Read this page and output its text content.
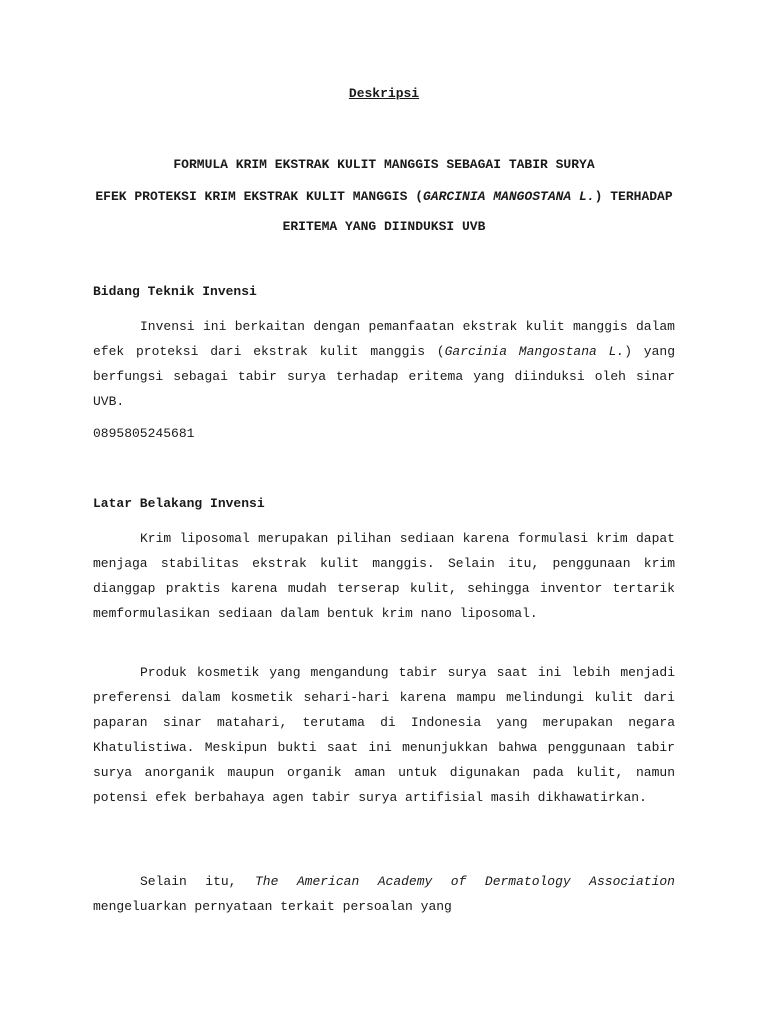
Deskripsi
FORMULA KRIM EKSTRAK KULIT MANGGIS SEBAGAI TABIR SURYA
EFEK PROTEKSI KRIM EKSTRAK KULIT MANGGIS (GARCINIA MANGOSTANA L.) TERHADAP ERITEMA YANG DIINDUKSI UVB
Bidang Teknik Invensi

Invensi ini berkaitan dengan pemanfaatan ekstrak kulit manggis dalam efek proteksi dari ekstrak kulit manggis (Garcinia Mangostana L.) yang berfungsi sebagai tabir surya terhadap eritema yang diinduksi oleh sinar UVB.

0895805245681
Latar Belakang Invensi

Krim liposomal merupakan pilihan sediaan karena formulasi krim dapat menjaga stabilitas ekstrak kulit manggis. Selain itu, penggunaan krim dianggap praktis karena mudah terserap kulit, sehingga inventor tertarik memformulasikan sediaan dalam bentuk krim nano liposomal.

Produk kosmetik yang mengandung tabir surya saat ini lebih menjadi preferensi dalam kosmetik sehari-hari karena mampu melindungi kulit dari paparan sinar matahari, terutama di Indonesia yang merupakan negara Khatulistiwa. Meskipun bukti saat ini menunjukkan bahwa penggunaan tabir surya anorganik maupun organik aman untuk digunakan pada kulit, namun potensi efek berbahaya agen tabir surya artifisial masih dikhawatirkan.

Selain itu, The American Academy of Dermatology Association mengeluarkan pernyataan terkait persoalan yang
